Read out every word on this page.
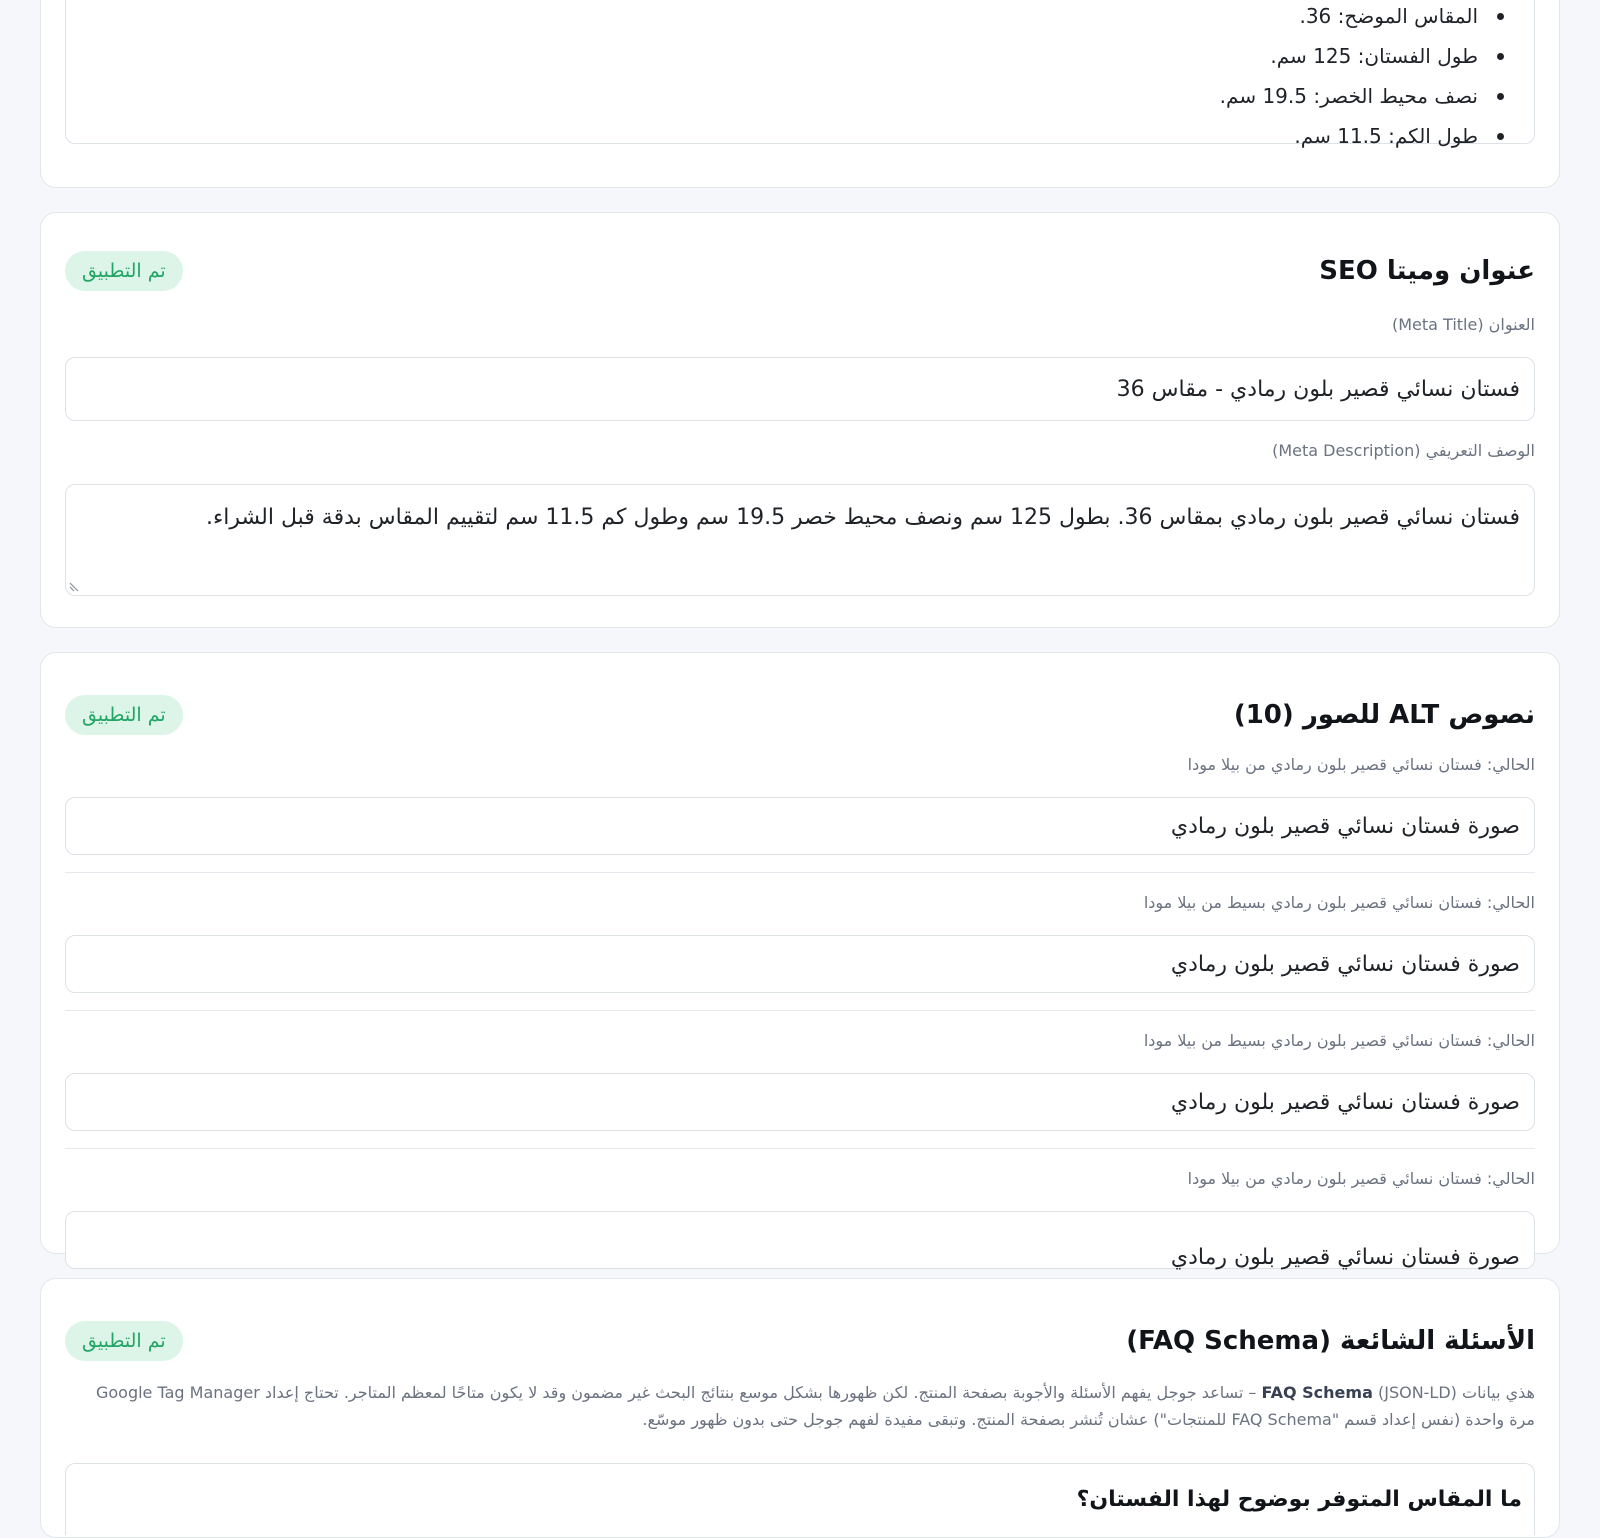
المقاس الموضح: 36.
طول الفستان: 125 سم.
نصف محيط الخصر: 19.5 سم.
طول الكم: 11.5 سم.
عنوان وميتا SEO
تم التطبيق
العنوان (Meta Title)
فستان نسائي قصير بلون رمادي - مقاس 36
الوصف التعريفي (Meta Description)
فستان نسائي قصير بلون رمادي بمقاس 36. بطول 125 سم ونصف محيط خصر 19.5 سم وطول كم 11.5 سم لتقييم المقاس بدقة قبل الشراء.
نصوص ALT للصور (10)
تم التطبيق
الحالي: فستان نسائي قصير بلون رمادي من بيلا مودا
صورة فستان نسائي قصير بلون رمادي
الحالي: فستان نسائي قصير بلون رمادي بسيط من بيلا مودا
صورة فستان نسائي قصير بلون رمادي
الحالي: فستان نسائي قصير بلون رمادي بسيط من بيلا مودا
صورة فستان نسائي قصير بلون رمادي
الحالي: فستان نسائي قصير بلون رمادي من بيلا مودا
صورة فستان نسائي قصير بلون رمادي
الأسئلة الشائعة (FAQ Schema)
تم التطبيق
هذي بيانات (JSON-LD) FAQ Schema – تساعد جوجل يفهم الأسئلة والأجوبة بصفحة المنتج. لكن ظهورها بشكل موسع بنتائج البحث غير مضمون وقد لا يكون متاحًا لمعظم المتاجر. تحتاج إعداد Google Tag Manager مرة واحدة (نفس إعداد قسم "FAQ Schema للمنتجات") عشان تُنشر بصفحة المنتج. وتبقى مفيدة لفهم جوجل حتى بدون ظهور موسّع.
ما المقاس المتوفر بوضوح لهذا الفستان؟
